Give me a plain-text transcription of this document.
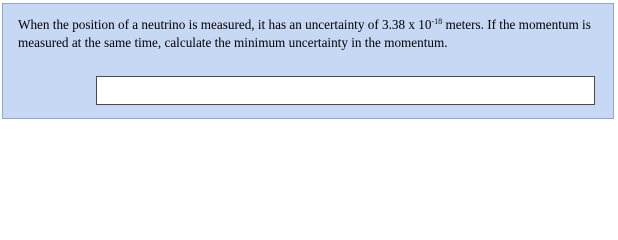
When the position of a neutrino is measured, it has an uncertainty of 3.38 x $10^{-18}$ meters. If the momentum is measured at the same time, calculate the minimum uncertainty in the momentum.
